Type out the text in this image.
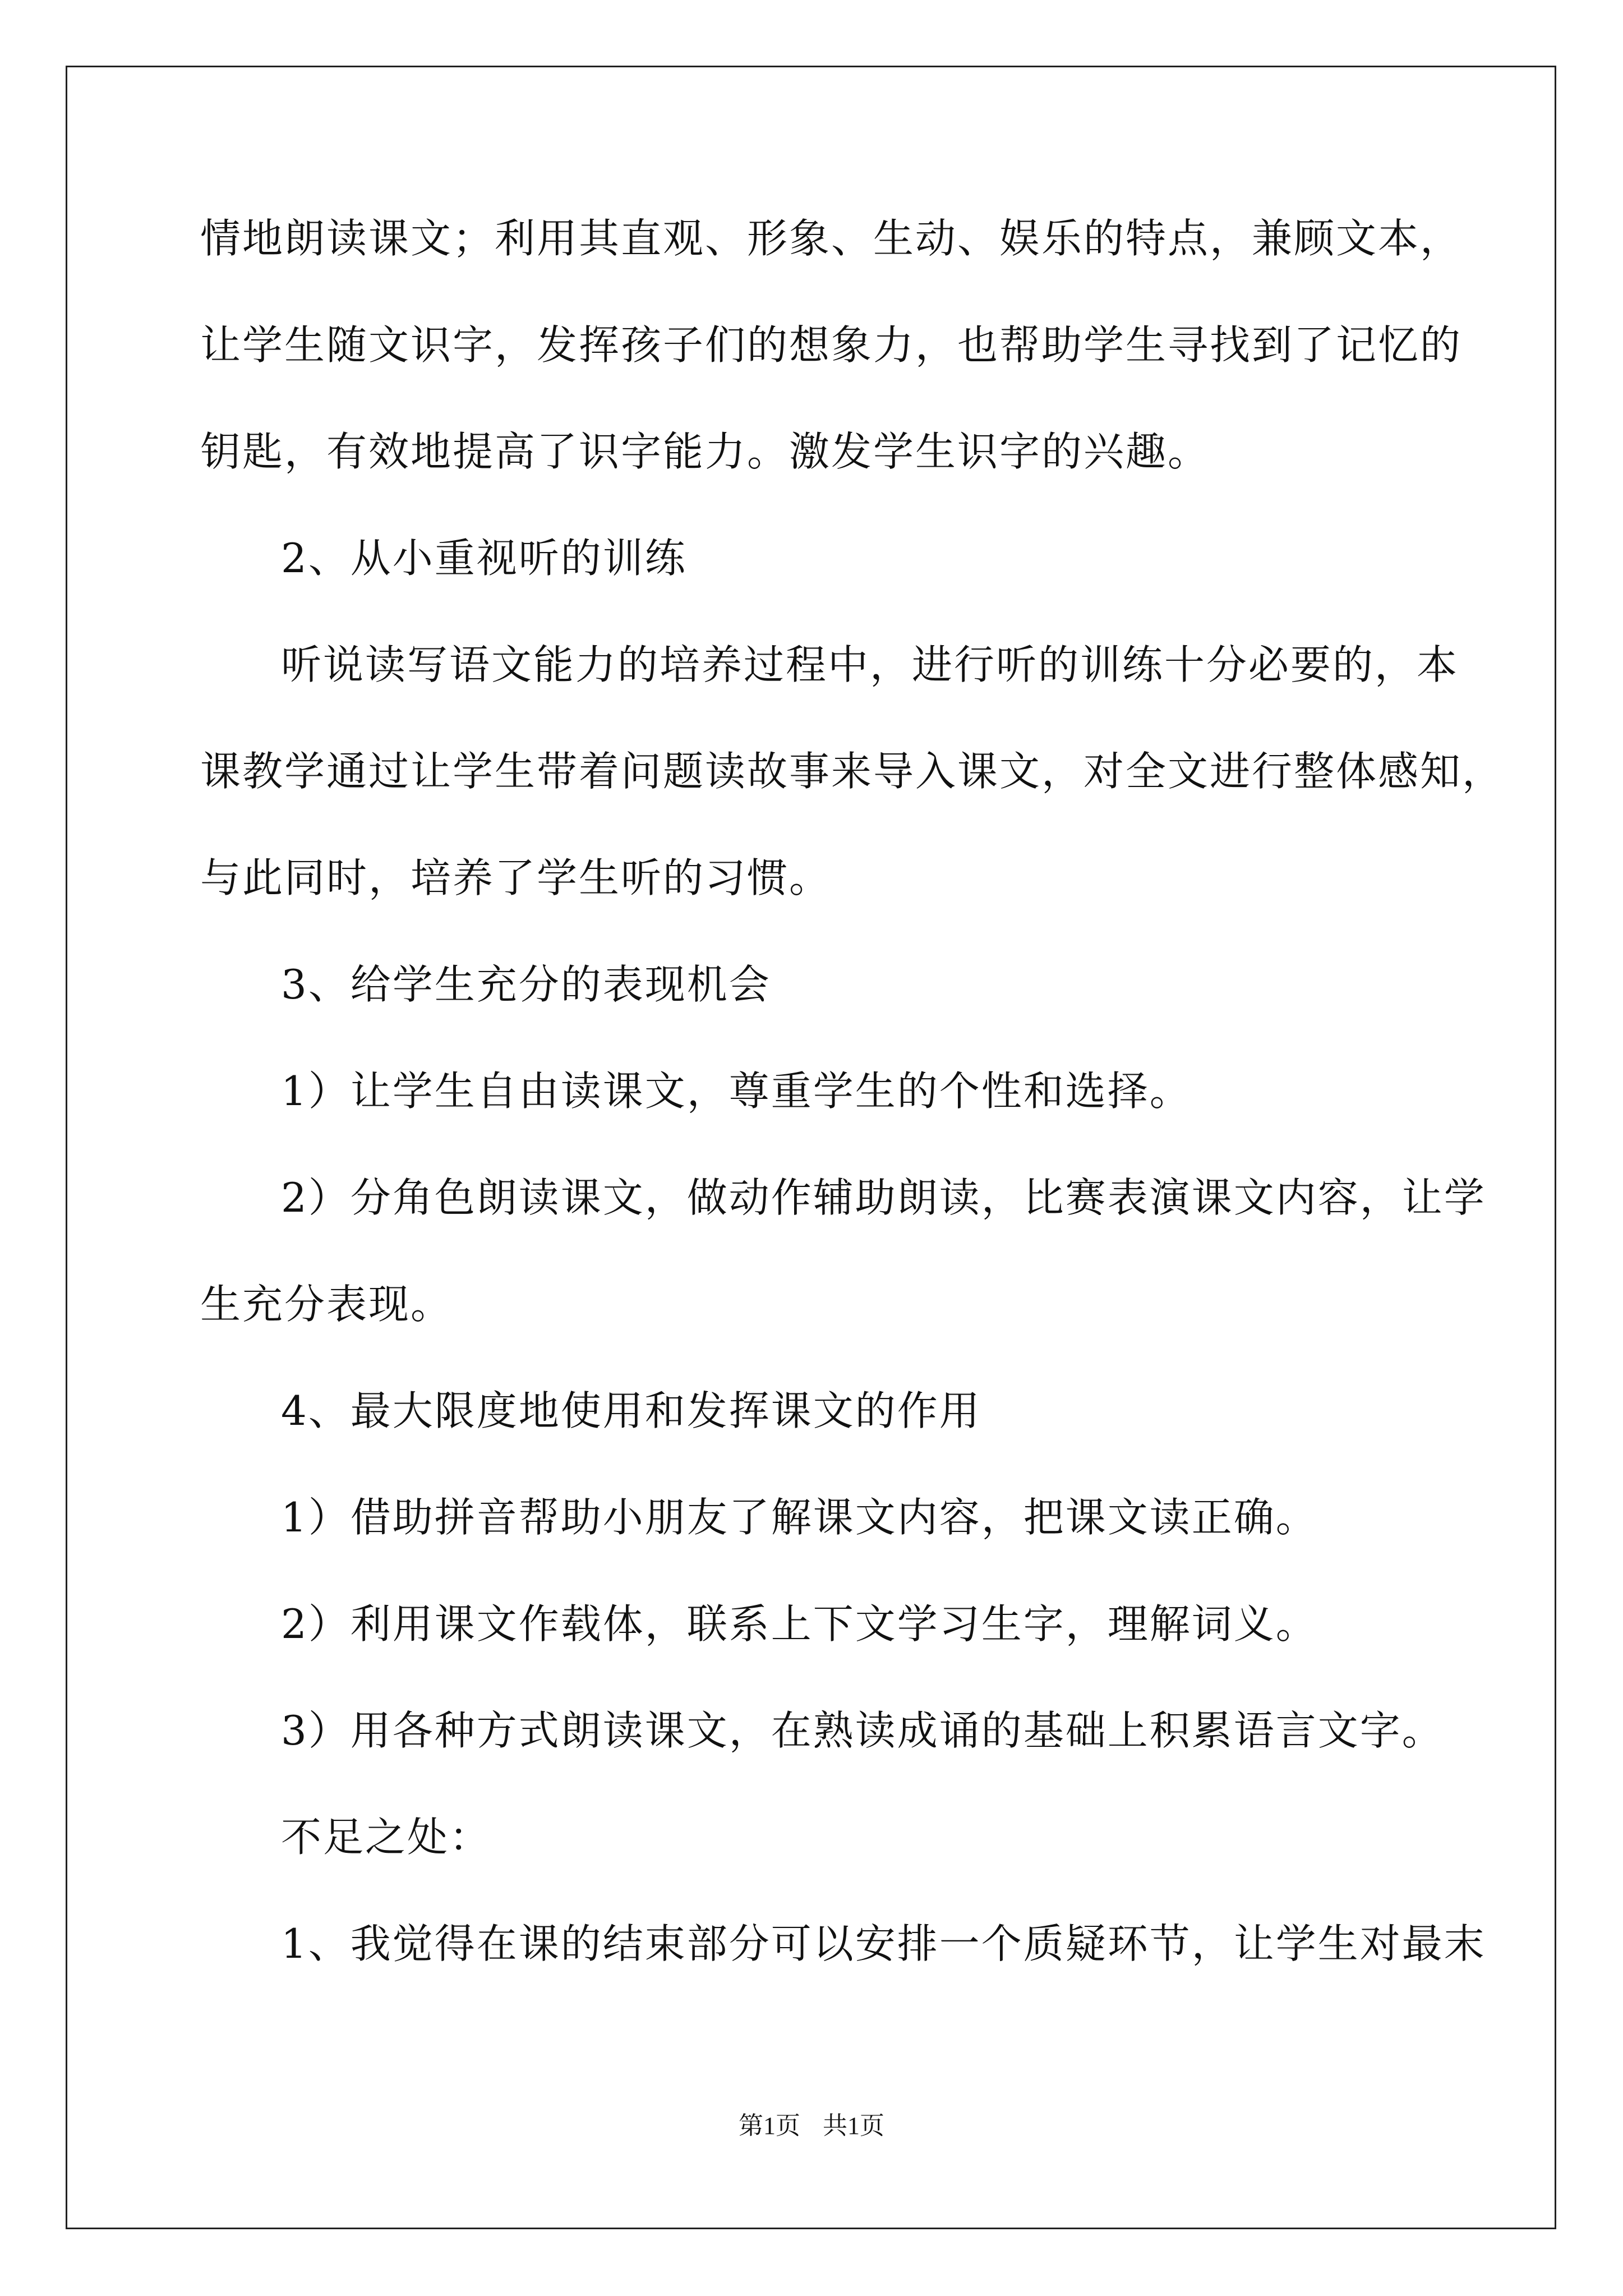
情地朗读课文；利用其直观、形象、生动、娱乐的特点，兼顾文本，
让学生随文识字，发挥孩子们的想象力，也帮助学生寻找到了记忆的
钥匙，有效地提高了识字能力。激发学生识字的兴趣。
2、从小重视听的训练
听说读写语文能力的培养过程中，进行听的训练十分必要的，本
课教学通过让学生带着问题读故事来导入课文，对全文进行整体感知，
与此同时，培养了学生听的习惯。
3、给学生充分的表现机会
1）让学生自由读课文，尊重学生的个性和选择。
2）分角色朗读课文，做动作辅助朗读，比赛表演课文内容，让学
生充分表现。
4、最大限度地使用和发挥课文的作用
1）借助拼音帮助小朋友了解课文内容，把课文读正确。
2）利用课文作载体，联系上下文学习生字，理解词义。
3）用各种方式朗读课文，在熟读成诵的基础上积累语言文字。
不足之处：
1、我觉得在课的结束部分可以安排一个质疑环节，让学生对最末
第1页 共1页
